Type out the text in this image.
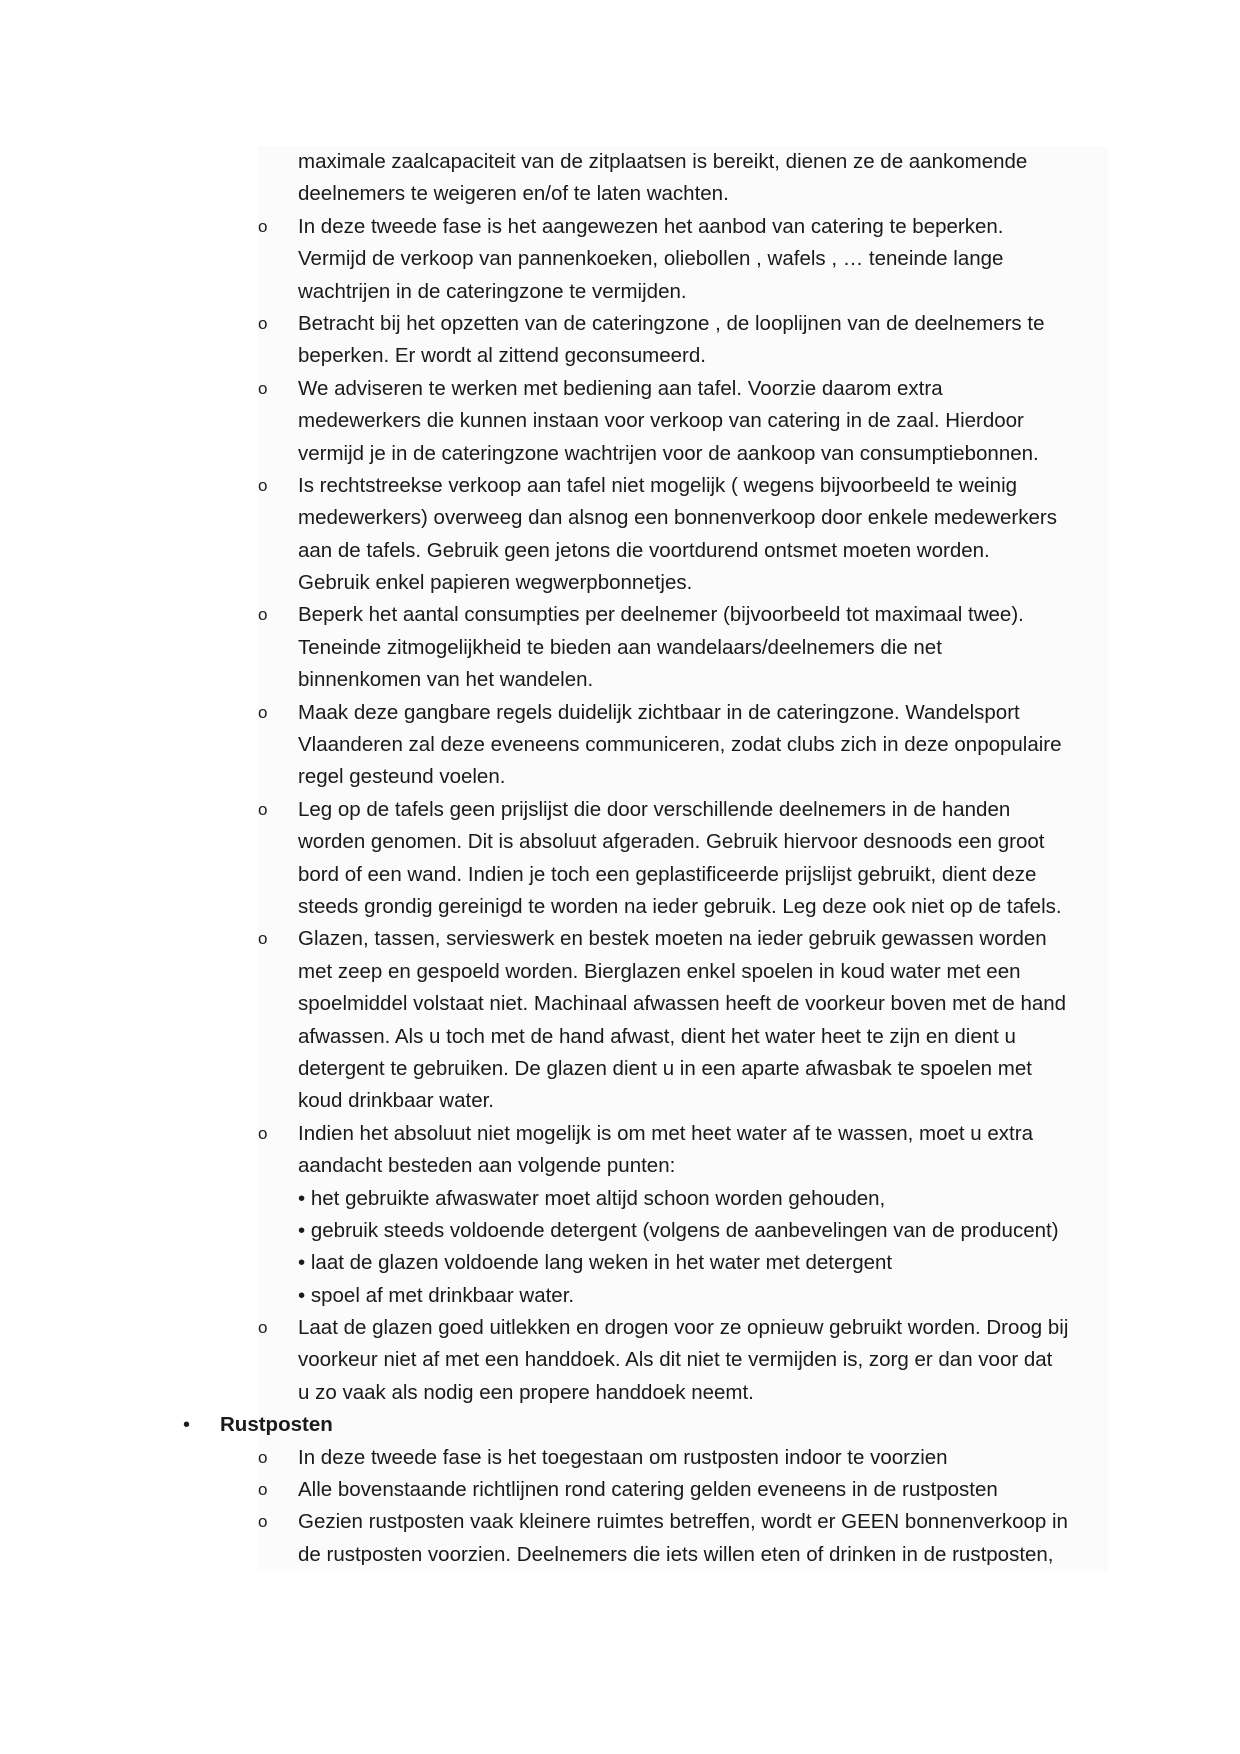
maximale zaalcapaciteit van de zitplaatsen is bereikt, dienen ze de aankomende
deelnemers te weigeren en/of te laten wachten.
o In deze tweede fase is het aangewezen het aanbod van catering te beperken.
Vermijd de verkoop van pannenkoeken, oliebollen , wafels , … teneinde lange
wachtrijen in de cateringzone te vermijden.
o Betracht bij het opzetten van de cateringzone , de looplijnen van de deelnemers te
beperken. Er wordt al zittend geconsumeerd.
o We adviseren te werken met bediening aan tafel. Voorzie daarom extra
medewerkers die kunnen instaan voor verkoop van catering in de zaal. Hierdoor
vermijd je in de cateringzone wachtrijen voor de aankoop van consumptiebonnen.
o Is rechtstreekse verkoop aan tafel niet mogelijk ( wegens bijvoorbeeld te weinig
medewerkers) overweeg dan alsnog een bonnenverkoop door enkele medewerkers
aan de tafels. Gebruik geen jetons die voortdurend ontsmet moeten worden.
Gebruik enkel papieren wegwerpbonnetjes.
o Beperk het aantal consumpties per deelnemer (bijvoorbeeld tot maximaal twee).
Teneinde zitmogelijkheid te bieden aan wandelaars/deelnemers die net
binnenkomen van het wandelen.
o Maak deze gangbare regels duidelijk zichtbaar in de cateringzone. Wandelsport
Vlaanderen zal deze eveneens communiceren, zodat clubs zich in deze onpopulaire
regel gesteund voelen.
o Leg op de tafels geen prijslijst die door verschillende deelnemers in de handen
worden genomen. Dit is absoluut afgeraden. Gebruik hiervoor desnoods een groot
bord of een wand. Indien je toch een geplastificeerde prijslijst gebruikt, dient deze
steeds grondig gereinigd te worden na ieder gebruik. Leg deze ook niet op de tafels.
o Glazen, tassen, servieswerk en bestek moeten na ieder gebruik gewassen worden
met zeep en gespoeld worden. Bierglazen enkel spoelen in koud water met een
spoelmiddel volstaat niet. Machinaal afwassen heeft de voorkeur boven met de hand
afwassen. Als u toch met de hand afwast, dient het water heet te zijn en dient u
detergent te gebruiken. De glazen dient u in een aparte afwasbak te spoelen met
koud drinkbaar water.
o Indien het absoluut niet mogelijk is om met heet water af te wassen, moet u extra
aandacht besteden aan volgende punten:
• het gebruikte afwaswater moet altijd schoon worden gehouden,
• gebruik steeds voldoende detergent (volgens de aanbevelingen van de producent)
• laat de glazen voldoende lang weken in het water met detergent
• spoel af met drinkbaar water.
o Laat de glazen goed uitlekken en drogen voor ze opnieuw gebruikt worden. Droog bij
voorkeur niet af met een handdoek. Als dit niet te vermijden is, zorg er dan voor dat
u zo vaak als nodig een propere handdoek neemt.
• Rustposten
o In deze tweede fase is het toegestaan om rustposten indoor te voorzien
o Alle bovenstaande richtlijnen rond catering gelden eveneens in de rustposten
o Gezien rustposten vaak kleinere ruimtes betreffen, wordt er GEEN bonnenverkoop in
de rustposten voorzien. Deelnemers die iets willen eten of drinken in de rustposten,
